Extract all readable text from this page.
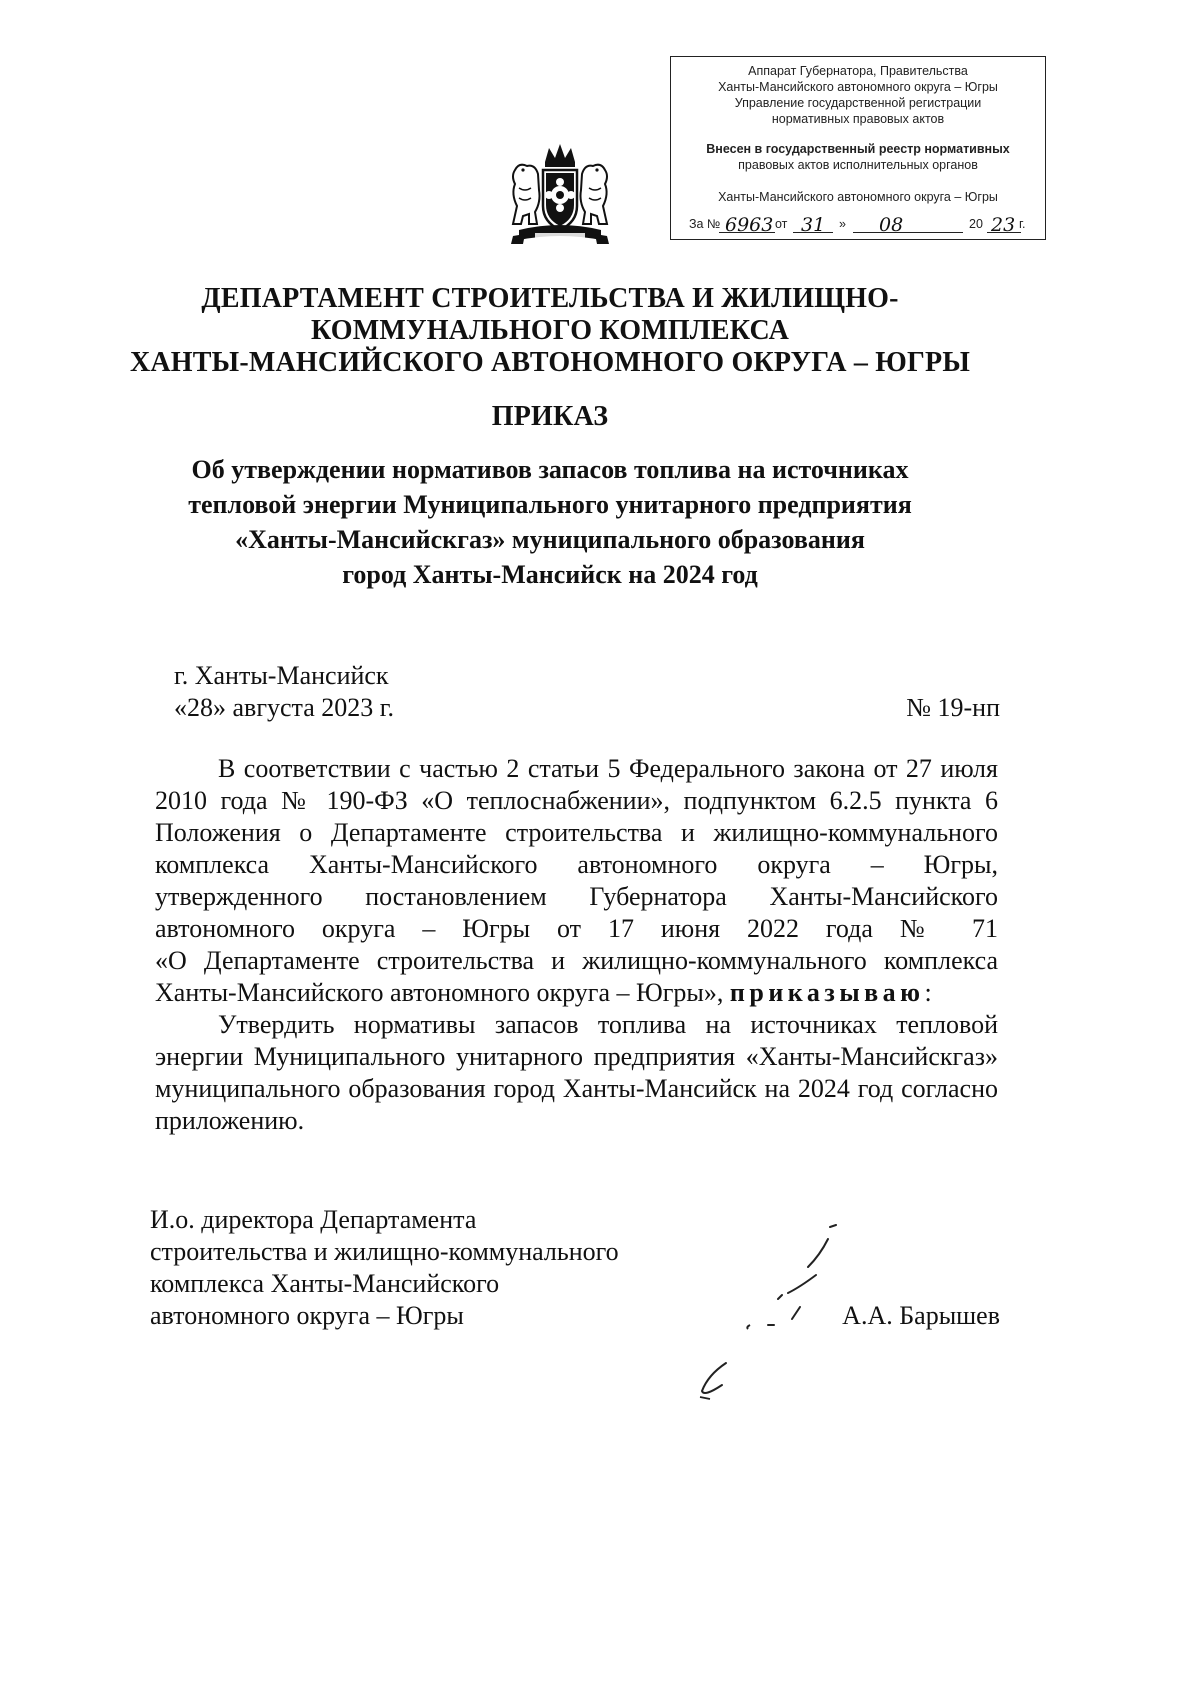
Аппарат Губернатора, Правительства
Ханты-Мансийского автономного округа – Югры
Управление государственной регистрации
нормативных правовых актов
Внесен в государственный реестр нормативных
правовых актов исполнительных органов
Ханты-Мансийского автономного округа – Югры
За № 6963 от 31 » 08	20 23 г.
ДЕПАРТАМЕНТ СТРОИТЕЛЬСТВА И ЖИЛИЩНО-
КОММУНАЛЬНОГО КОМПЛЕКСА
ХАНТЫ-МАНСИЙСКОГО АВТОНОМНОГО ОКРУГА – ЮГРЫ
ПРИКАЗ
Об утверждении нормативов запасов топлива на источниках
тепловой энергии Муниципального унитарного предприятия
«Ханты-Мансийскгаз» муниципального образования
город Ханты-Мансийск на 2024 год
г. Ханты-Мансийск
«28» августа 2023 г.	№ 19-нп
В соответствии с частью 2 статьи 5 Федерального закона от 27 июля
2010 года № 190-ФЗ «О теплоснабжении», подпунктом 6.2.5 пункта 6
Положения о Департаменте строительства и жилищно-коммунального
комплекса Ханты-Мансийского автономного округа – Югры,
утвержденного постановлением Губернатора Ханты-Мансийского
автономного округа – Югры от 17 июня 2022 года № 71
«О Департаменте строительства и жилищно-коммунального комплекса
Ханты-Мансийского автономного округа – Югры», приказываю:
Утвердить нормативы запасов топлива на источниках тепловой
энергии Муниципального унитарного предприятия «Ханты-Мансийскгаз»
муниципального образования город Ханты-Мансийск на 2024 год согласно
приложению.
И.о. директора Департамента
строительства и жилищно-коммунального
комплекса Ханты-Мансийского
автономного округа – Югры	А.А. Барышев
